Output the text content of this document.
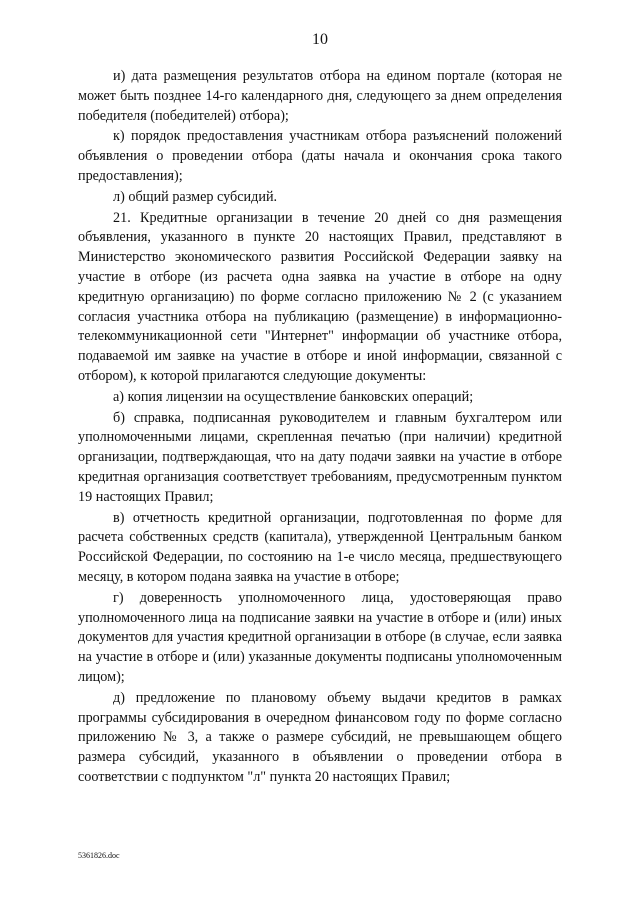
10

и) дата размещения результатов отбора на едином портале (которая не может быть позднее 14-го календарного дня, следующего за днем определения победителя (победителей) отбора);

к) порядок предоставления участникам отбора разъяснений положений объявления о проведении отбора (даты начала и окончания срока такого предоставления);

л) общий размер субсидий.

21. Кредитные организации в течение 20 дней со дня размещения объявления, указанного в пункте 20 настоящих Правил, представляют в Министерство экономического развития Российской Федерации заявку на участие в отборе (из расчета одна заявка на участие в отборе на одну кредитную организацию) по форме согласно приложению № 2 (с указанием согласия участника отбора на публикацию (размещение) в информационно-телекоммуникационной сети "Интернет" информации об участнике отбора, подаваемой им заявке на участие в отборе и иной информации, связанной с отбором), к которой прилагаются следующие документы:

а) копия лицензии на осуществление банковских операций;

б) справка, подписанная руководителем и главным бухгалтером или уполномоченными лицами, скрепленная печатью (при наличии) кредитной организации, подтверждающая, что на дату подачи заявки на участие в отборе кредитная организация соответствует требованиям, предусмотренным пунктом 19 настоящих Правил;

в) отчетность кредитной организации, подготовленная по форме для расчета собственных средств (капитала), утвержденной Центральным банком Российской Федерации, по состоянию на 1-е число месяца, предшествующего месяцу, в котором подана заявка на участие в отборе;

г) доверенность уполномоченного лица, удостоверяющая право уполномоченного лица на подписание заявки на участие в отборе и (или) иных документов для участия кредитной организации в отборе (в случае, если заявка на участие в отборе и (или) указанные документы подписаны уполномоченным лицом);

д) предложение по плановому объему выдачи кредитов в рамках программы субсидирования в очередном финансовом году по форме согласно приложению № 3, а также о размере субсидий, не превышающем общего размера субсидий, указанного в объявлении о проведении отбора в соответствии с подпунктом "л" пункта 20 настоящих Правил;

5361826.doc
